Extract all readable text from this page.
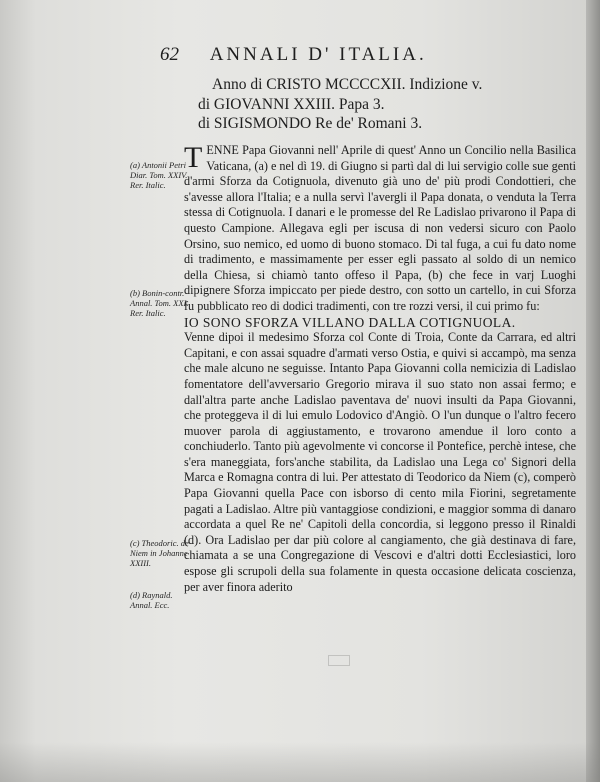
62 ANNALI D' ITALIA.
Anno di CRISTO MCCCCXII. Indizione v.
di GIOVANNI XXIII. Papa 3.
di SIGISMONDO Re de' Romani 3.
(a) Antonii Petri Diar. Tom. XXIV. Rer. Italic.
(b) Bonin-contr. Annal. Tom. XXI. Rer. Italic.
(c) Theodoric. de Niem in Johanne XXIII.
(d) Raynald. Annal. Ecc.

TENNE Papa Giovanni nell' Aprile di quest' Anno un Concilio nella Basilica Vaticana, (a) e nel dì 19. di Giugno si partì dal di lui servigio colle sue genti d'armi Sforza da Cotignuola, divenuto già uno de' più prodi Condottieri, che s'avesse allora l'Italia; e a nulla servì l'avergli il Papa donata, o venduta la Terra stessa di Cotignuola. I danari e le promesse del Re Ladislao privarono il Papa di questo Campione. Allegava egli per iscusa di non vedersi sicuro con Paolo Orsino, suo nemico, ed uomo di buono stomaco. Di tal fuga, a cui fu dato nome di tradimento, e massimamente per esser egli passato al soldo di un nemico della Chiesa, si chiamò tanto offeso il Papa, (b) che fece in varj Luoghi dipignere Sforza impiccato per piede destro, con sotto un cartello, in cui Sforza fu pubblicato reo di dodici tradimenti, con tre rozzi versi, il cui primo fu:

IO SONO SFORZA VILLANO DALLA COTIGNUOLA.

Venne dipoi il medesimo Sforza col Conte di Troia, Conte da Carrara, ed altri Capitani, e con assai squadre d'armati verso Ostia, e quivi si accampò, ma senza che male alcuno ne seguisse. Intanto Papa Giovanni colla nemicizia di Ladislao fomentatore dell'avversario Gregorio mirava il suo stato non assai fermo; e dall'altra parte anche Ladislao paventava de' nuovi insulti da Papa Giovanni, che proteggeva il di lui emulo Lodovico d'Angiò. O l'un dunque o l'altro fecero muover parola di aggiustamento, e trovarono amendue il loro conto a conchiuderlo. Tanto più agevolmente vi concorse il Pontefice, perchè intese, che s'era maneggiata, fors'anche stabilita, da Ladislao una Lega co' Signori della Marca e Romagna contra di lui. Per attestato di Teodorico da Niem (c), comperò Papa Giovanni quella Pace con isborso di cento mila Fiorini, segretamente pagati a Ladislao. Altre più vantaggiose condizioni, e maggior somma di danaro accordata a quel Re ne' Capitoli della concordia, si leggono presso il Rinaldi (d). Ora Ladislao per dar più colore al cangiamento, che già destinava di fare, chiamata a se una Congregazione di Vescovi e d'altri dotti Ecclesiastici, loro espose gli scrupoli della sua folamente in questa occasione delicata coscienza, per aver finora aderito
